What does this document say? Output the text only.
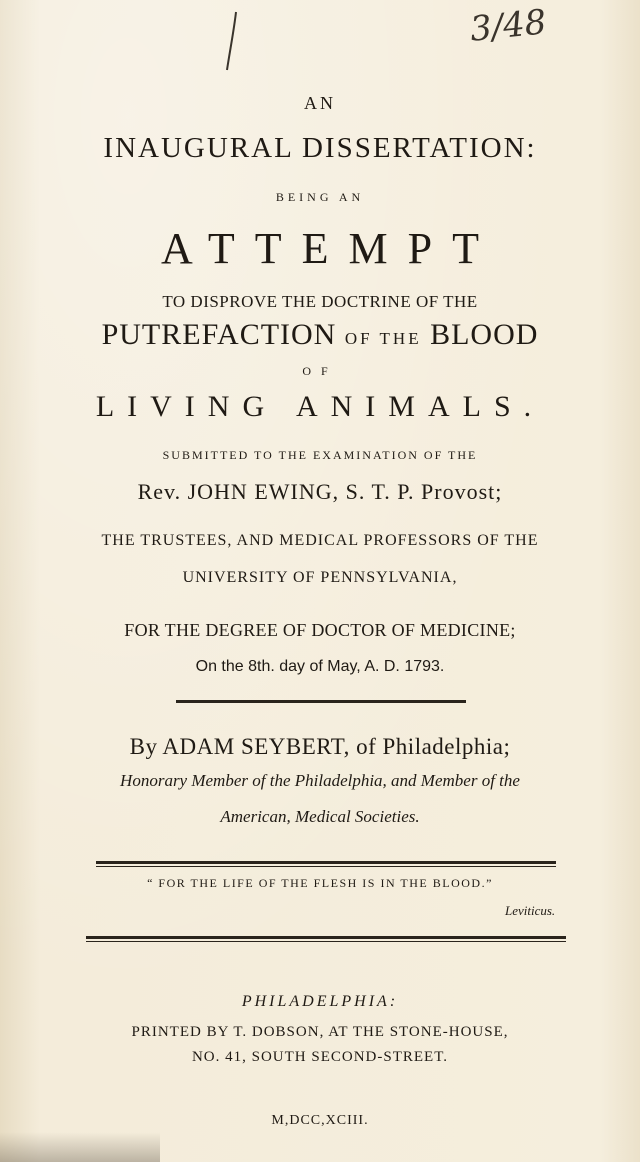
3/48
AN
INAUGURAL DISSERTATION:
BEING AN
ATTEMPT
TO DISPROVE THE DOCTRINE OF THE
PUTREFACTION OF THE BLOOD
OF
LIVING ANIMALS.
SUBMITTED TO THE EXAMINATION OF THE
Rev. JOHN EWING, S. T. P. Provost;
THE TRUSTEES, AND MEDICAL PROFESSORS OF THE
UNIVERSITY OF PENNSYLVANIA,
FOR THE DEGREE OF DOCTOR OF MEDICINE;
On the 8th. day of May, A. D. 1793.
By ADAM SEYBERT, of Philadelphia;
Honorary Member of the Philadelphia, and Member of the
American, Medical Societies.
“ FOR THE LIFE OF THE FLESH IS IN THE BLOOD.”
Leviticus.
PHILADELPHIA:
PRINTED BY T. DOBSON, AT THE STONE-HOUSE,
NO. 41, SOUTH SECOND-STREET.
M,DCC,XCIII.
